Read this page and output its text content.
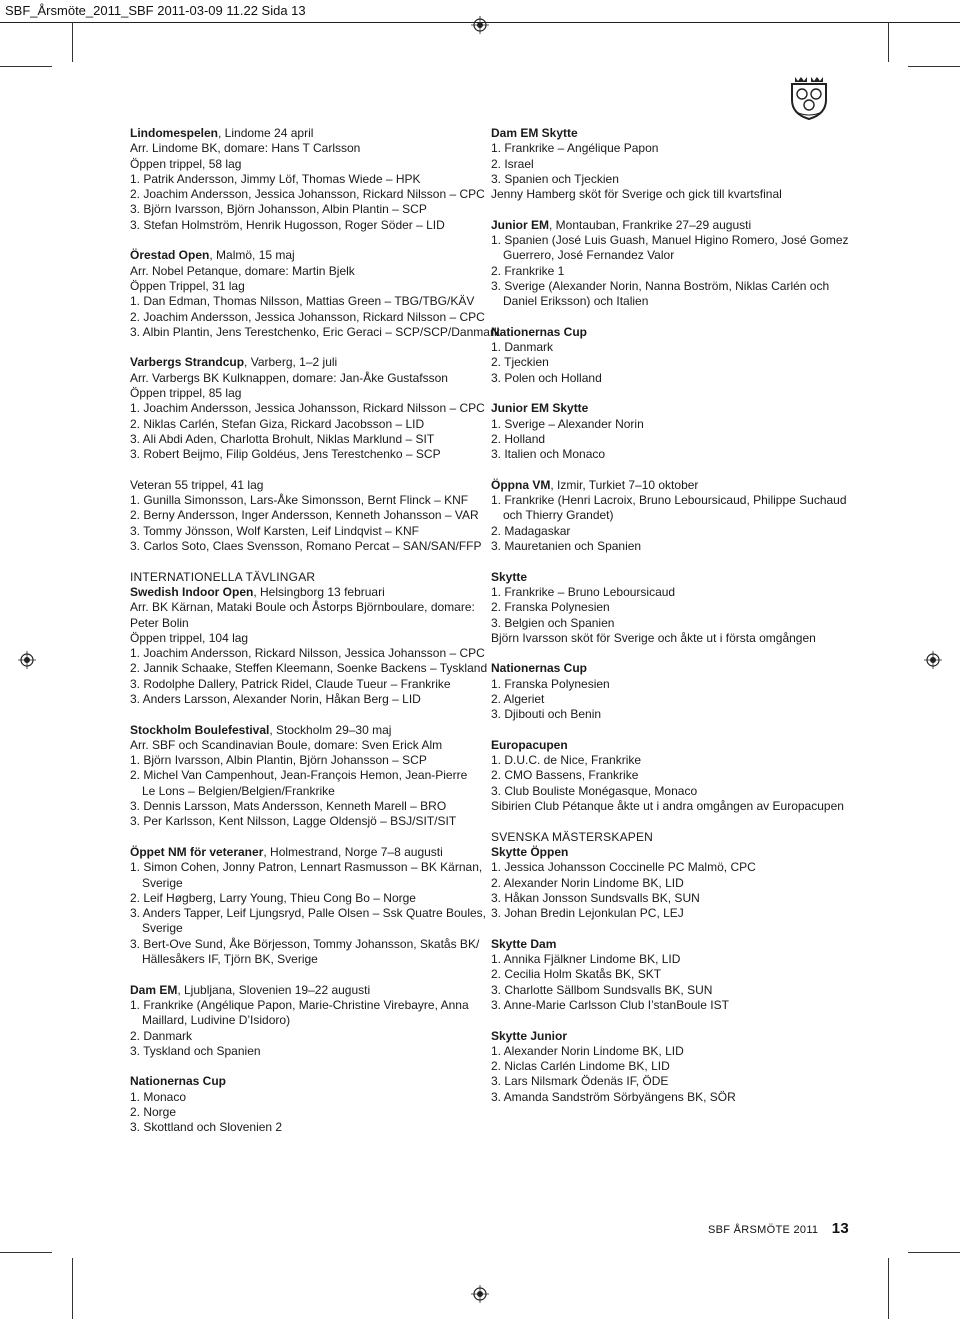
SBF_Årsmöte_2011_SBF 2011-03-09 11.22 Sida 13
Lindomespelen, Lindome 24 april
Arr. Lindome BK, domare: Hans T Carlsson
Öppen trippel, 58 lag
1. Patrik Andersson, Jimmy Löf, Thomas Wiede – HPK
2. Joachim Andersson, Jessica Johansson, Rickard Nilsson – CPC
3. Björn Ivarsson, Björn Johansson, Albin Plantin – SCP
3. Stefan Holmström, Henrik Hugosson, Roger Söder – LID
Örestad Open, Malmö, 15 maj
Arr. Nobel Petanque, domare: Martin Bjelk
Öppen Trippel, 31 lag
1. Dan Edman, Thomas Nilsson, Mattias Green – TBG/TBG/KÄV
2. Joachim Andersson, Jessica Johansson, Rickard Nilsson – CPC
3. Albin Plantin, Jens Terestchenko, Eric Geraci – SCP/SCP/Danmark
Varbergs Strandcup, Varberg, 1–2 juli
Arr. Varbergs BK Kulknappen, domare: Jan-Åke Gustafsson
Öppen trippel, 85 lag
1. Joachim Andersson, Jessica Johansson, Rickard Nilsson – CPC
2. Niklas Carlén, Stefan Giza, Rickard Jacobsson – LID
3. Ali Abdi Aden, Charlotta Brohult, Niklas Marklund – SIT
3. Robert Beijmo, Filip Goldéus, Jens Terestchenko – SCP
Veteran 55 trippel, 41 lag
1. Gunilla Simonsson, Lars-Åke Simonsson, Bernt Flinck – KNF
2. Berny Andersson, Inger Andersson, Kenneth Johansson – VAR
3. Tommy Jönsson, Wolf Karsten, Leif Lindqvist – KNF
3. Carlos Soto, Claes Svensson, Romano Percat – SAN/SAN/FFP
INTERNATIONELLA TÄVLINGAR
Swedish Indoor Open, Helsingborg 13 februari
Arr. BK Kärnan, Mataki Boule och Åstorps Björnboulare, domare:
Peter Bolin
Öppen trippel, 104 lag
1. Joachim Andersson, Rickard Nilsson, Jessica Johansson – CPC
2. Jannik Schaake, Steffen Kleemann, Soenke Backens – Tyskland
3. Rodolphe Dallery, Patrick Ridel, Claude Tueur – Frankrike
3. Anders Larsson, Alexander Norin, Håkan Berg – LID
Stockholm Boulefestival, Stockholm 29–30 maj
Arr. SBF och Scandinavian Boule, domare: Sven Erick Alm
1. Björn Ivarsson, Albin Plantin, Björn Johansson – SCP
2. Michel Van Campenhout, Jean-François Hemon, Jean-Pierre
Le Lons – Belgien/Belgien/Frankrike
3. Dennis Larsson, Mats Andersson, Kenneth Marell – BRO
3. Per Karlsson, Kent Nilsson, Lagge Oldensjö – BSJ/SIT/SIT
Öppet NM för veteraner, Holmestrand, Norge 7–8 augusti
1. Simon Cohen, Jonny Patron, Lennart Rasmusson – BK Kärnan,
Sverige
2. Leif Høgberg, Larry Young, Thieu Cong Bo – Norge
3. Anders Tapper, Leif Ljungsryd, Palle Olsen – Ssk Quatre Boules,
Sverige
3. Bert-Ove Sund, Åke Börjesson, Tommy Johansson, Skatås BK/
Hällesåkers IF, Tjörn BK, Sverige
Dam EM, Ljubljana, Slovenien 19–22 augusti
1. Frankrike (Angélique Papon, Marie-Christine Virebayre, Anna
Maillard, Ludivine D’Isidoro)
2. Danmark
3. Tyskland och Spanien
Nationernas Cup
1. Monaco
2. Norge
3. Skottland och Slovenien 2
Dam EM Skytte
1. Frankrike – Angélique Papon
2. Israel
3. Spanien och Tjeckien
Jenny Hamberg sköt för Sverige och gick till kvartsfinal
Junior EM, Montauban, Frankrike 27–29 augusti
1. Spanien (José Luis Guash, Manuel Higino Romero, José Gomez
Guerrero, José Fernandez Valor
2. Frankrike 1
3. Sverige (Alexander Norin, Nanna Boström, Niklas Carlén och
Daniel Eriksson) och Italien
Nationernas Cup
1. Danmark
2. Tjeckien
3. Polen och Holland
Junior EM Skytte
1. Sverige – Alexander Norin
2. Holland
3. Italien och Monaco
Öppna VM, Izmir, Turkiet 7–10 oktober
1. Frankrike (Henri Lacroix, Bruno Leboursicaud, Philippe Suchaud
och Thierry Grandet)
2. Madagaskar
3. Mauretanien och Spanien
Skytte
1. Frankrike – Bruno Leboursicaud
2. Franska Polynesien
3. Belgien och Spanien
Björn Ivarsson sköt för Sverige och åkte ut i första omgången
Nationernas Cup
1. Franska Polynesien
2. Algeriet
3. Djibouti och Benin
Europacupen
1. D.U.C. de Nice, Frankrike
2. CMO Bassens, Frankrike
3. Club Bouliste Monégasque, Monaco
Sibirien Club Pétanque åkte ut i andra omgången av Europacupen
SVENSKA MÄSTERSKAPEN
Skytte Öppen
1. Jessica Johansson Coccinelle PC Malmö, CPC
2. Alexander Norin Lindome BK, LID
3. Håkan Jonsson Sundsvalls BK, SUN
3. Johan Bredin Lejonkulan PC, LEJ
Skytte Dam
1. Annika Fjälkner Lindome BK, LID
2. Cecilia Holm Skatås BK, SKT
3. Charlotte Sällbom Sundsvalls BK, SUN
3. Anne-Marie Carlsson Club I’stanBoule IST
Skytte Junior
1. Alexander Norin Lindome BK, LID
2. Niclas Carlén Lindome BK, LID
3. Lars Nilsmark Ödenäs IF, ÖDE
3. Amanda Sandström Sörbyängens BK, SÖR
SBF ÅRSMÖTE 2011 13
